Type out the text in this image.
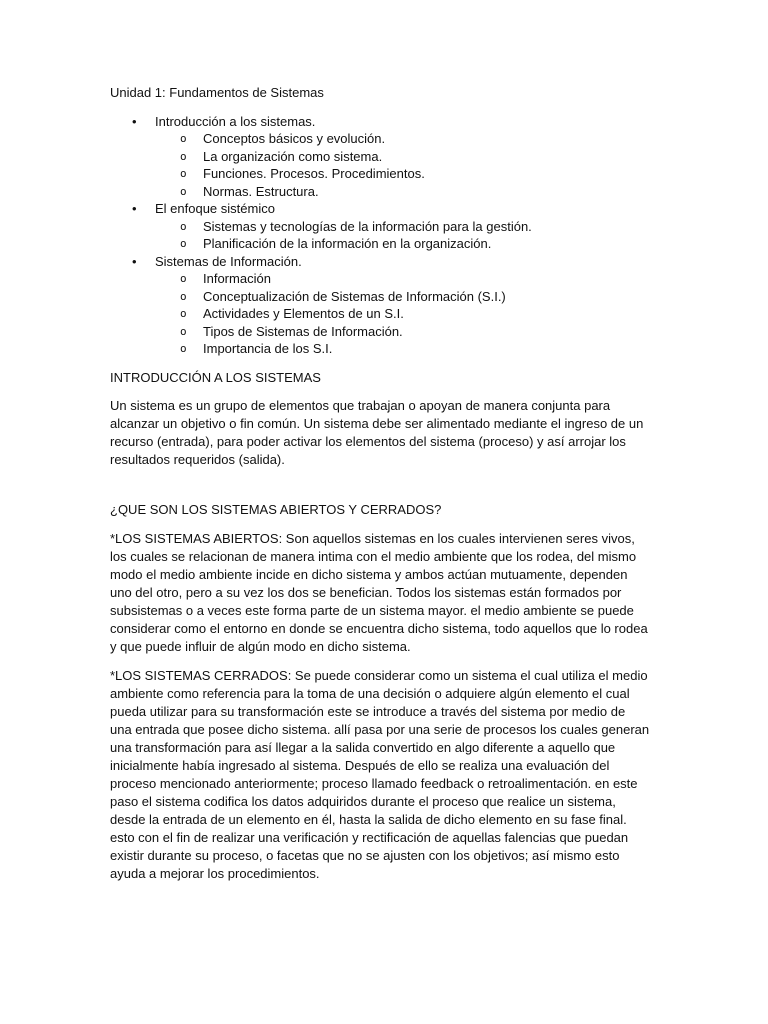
Unidad 1: Fundamentos de Sistemas
• Introducción a los sistemas.
o Conceptos básicos y evolución.
o La organización como sistema.
o Funciones. Procesos. Procedimientos.
o Normas. Estructura.
• El enfoque sistémico
o Sistemas y tecnologías de la información para la gestión.
o Planificación de la información en la organización.
• Sistemas de Información.
o Información
o Conceptualización de Sistemas de Información (S.I.)
o Actividades y Elementos de un S.I.
o Tipos de Sistemas de Información.
o Importancia de los S.I.
INTRODUCCIÓN A LOS SISTEMAS

Un sistema es un grupo de elementos que trabajan o apoyan de manera conjunta para alcanzar un objetivo o fin común. Un sistema debe ser alimentado mediante el ingreso de un recurso (entrada), para poder activar los elementos del sistema (proceso) y así arrojar los resultados requeridos (salida).

¿QUE SON LOS SISTEMAS ABIERTOS Y CERRADOS?

*LOS SISTEMAS ABIERTOS: Son aquellos sistemas en los cuales intervienen seres vivos, los cuales se relacionan de manera intima con el medio ambiente que los rodea, del mismo modo el medio ambiente incide en dicho sistema y ambos actúan mutuamente, dependen uno del otro, pero a su vez los dos se benefician. Todos los sistemas están formados por subsistemas o a veces este forma parte de un sistema mayor. el medio ambiente se puede considerar como el entorno en donde se encuentra dicho sistema, todo aquellos que lo rodea y que puede influir de algún modo en dicho sistema.

*LOS SISTEMAS CERRADOS: Se puede considerar como un sistema el cual utiliza el medio ambiente como referencia para la toma de una decisión o adquiere algún elemento el cual pueda utilizar para su transformación este se introduce a través del sistema por medio de una entrada que posee dicho sistema. allí pasa por una serie de procesos los cuales generan una transformación para así llegar a la salida convertido en algo diferente a aquello que inicialmente había ingresado al sistema. Después de ello se realiza una evaluación del proceso mencionado anteriormente; proceso llamado feedback o retroalimentación. en este paso el sistema codifica los datos adquiridos durante el proceso que realice un sistema, desde la entrada de un elemento en él, hasta la salida de dicho elemento en su fase final. esto con el fin de realizar una verificación y rectificación de aquellas falencias que puedan existir durante su proceso, o facetas que no se ajusten con los objetivos; así mismo esto ayuda a mejorar los procedimientos.
